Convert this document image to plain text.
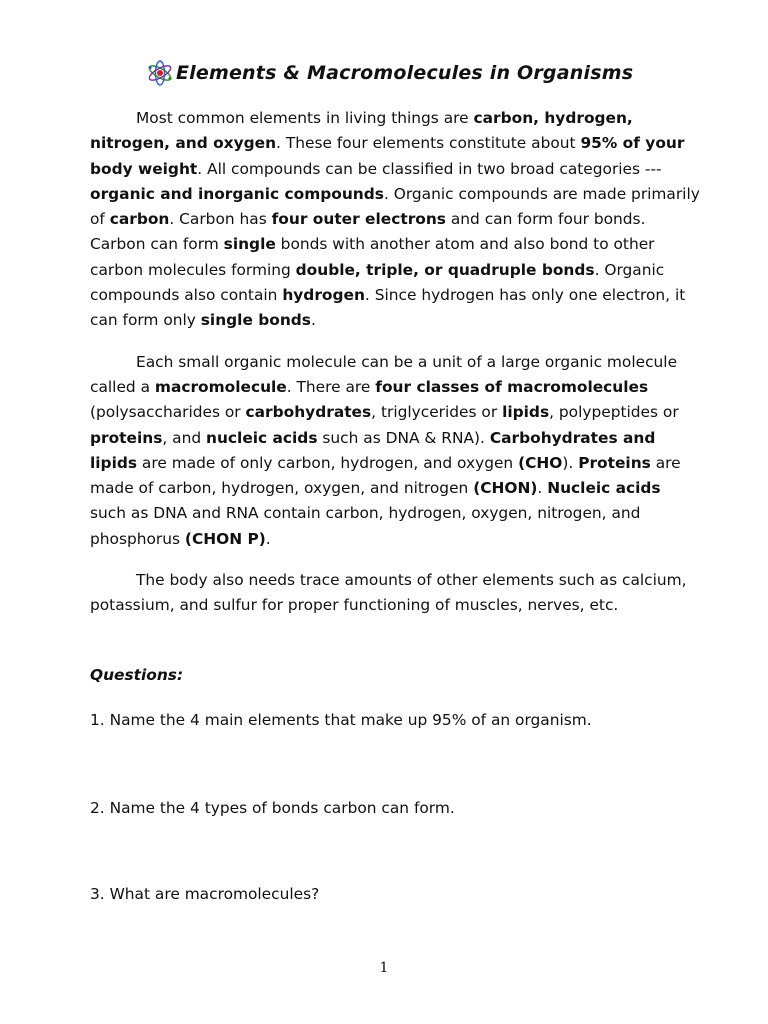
Elements & Macromolecules in Organisms

Most common elements in living things are carbon, hydrogen, nitrogen, and oxygen. These four elements constitute about 95% of your body weight. All compounds can be classified in two broad categories --- organic and inorganic compounds. Organic compounds are made primarily of carbon. Carbon has four outer electrons and can form four bonds. Carbon can form single bonds with another atom and also bond to other carbon molecules forming double, triple, or quadruple bonds. Organic compounds also contain hydrogen. Since hydrogen has only one electron, it can form only single bonds.

Each small organic molecule can be a unit of a large organic molecule called a macromolecule. There are four classes of macromolecules (polysaccharides or carbohydrates, triglycerides or lipids, polypeptides or proteins, and nucleic acids such as DNA & RNA). Carbohydrates and lipids are made of only carbon, hydrogen, and oxygen (CHO). Proteins are made of carbon, hydrogen, oxygen, and nitrogen (CHON). Nucleic acids such as DNA and RNA contain carbon, hydrogen, oxygen, nitrogen, and phosphorus (CHON P).

The body also needs trace amounts of other elements such as calcium, potassium, and sulfur for proper functioning of muscles, nerves, etc.

Questions:
1. Name the 4 main elements that make up 95% of an organism.
2. Name the 4 types of bonds carbon can form.
3. What are macromolecules?
1
